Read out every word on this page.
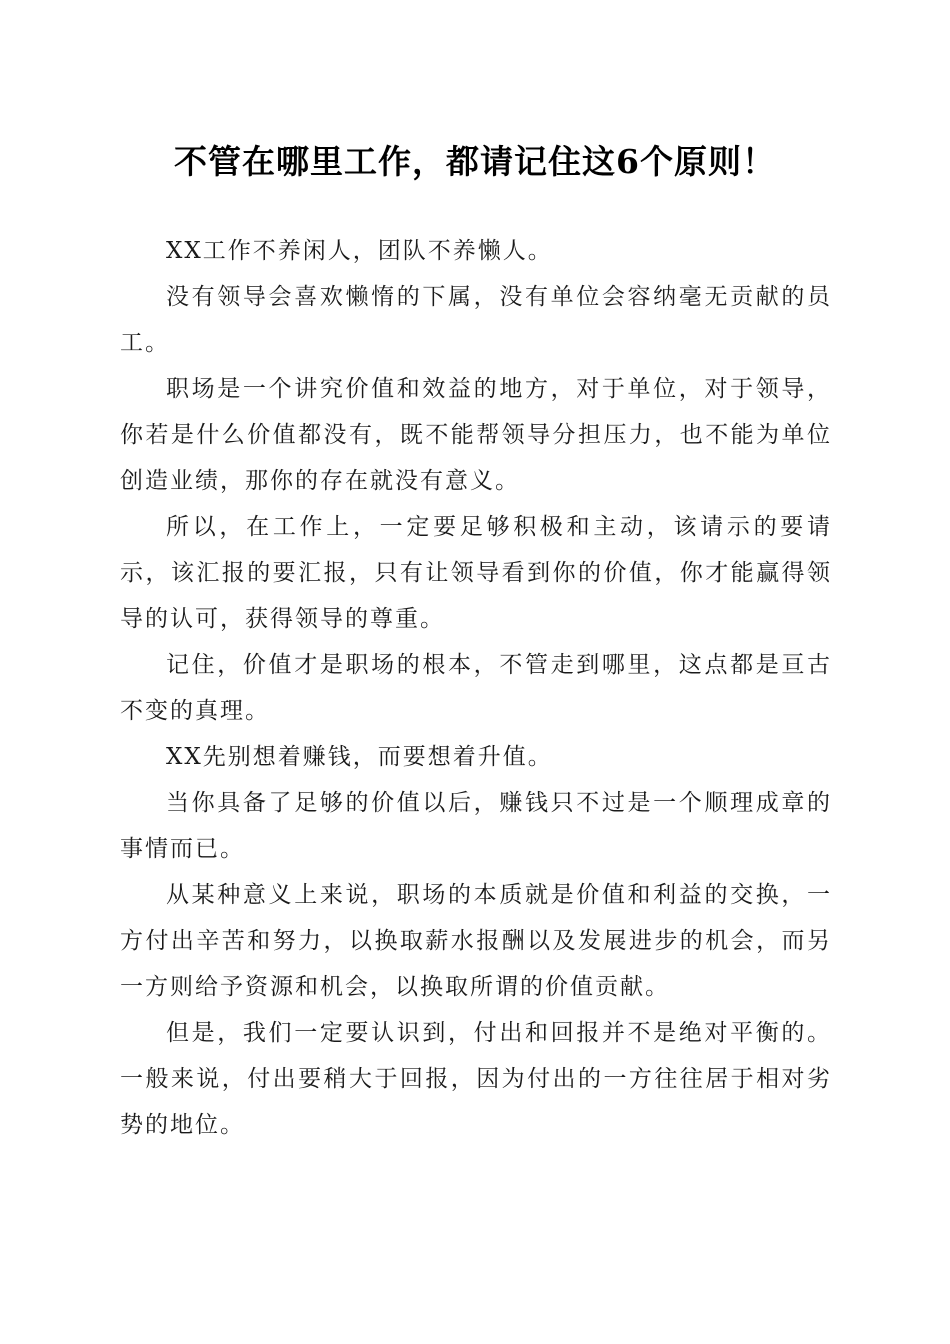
不管在哪里工作，都请记住这6个原则！

XX工作不养闲人，团队不养懒人。

没有领导会喜欢懒惰的下属，没有单位会容纳毫无贡献的员工。

职场是一个讲究价值和效益的地方，对于单位，对于领导，你若是什么价值都没有，既不能帮领导分担压力，也不能为单位创造业绩，那你的存在就没有意义。

所以，在工作上，一定要足够积极和主动，该请示的要请示，该汇报的要汇报，只有让领导看到你的价值，你才能赢得领导的认可，获得领导的尊重。

记住，价值才是职场的根本，不管走到哪里，这点都是亘古不变的真理。

XX先别想着赚钱，而要想着升值。

当你具备了足够的价值以后，赚钱只不过是一个顺理成章的事情而已。

从某种意义上来说，职场的本质就是价值和利益的交换，一方付出辛苦和努力，以换取薪水报酬以及发展进步的机会，而另一方则给予资源和机会，以换取所谓的价值贡献。

但是，我们一定要认识到，付出和回报并不是绝对平衡的。一般来说，付出要稍大于回报，因为付出的一方往往居于相对劣势的地位。
